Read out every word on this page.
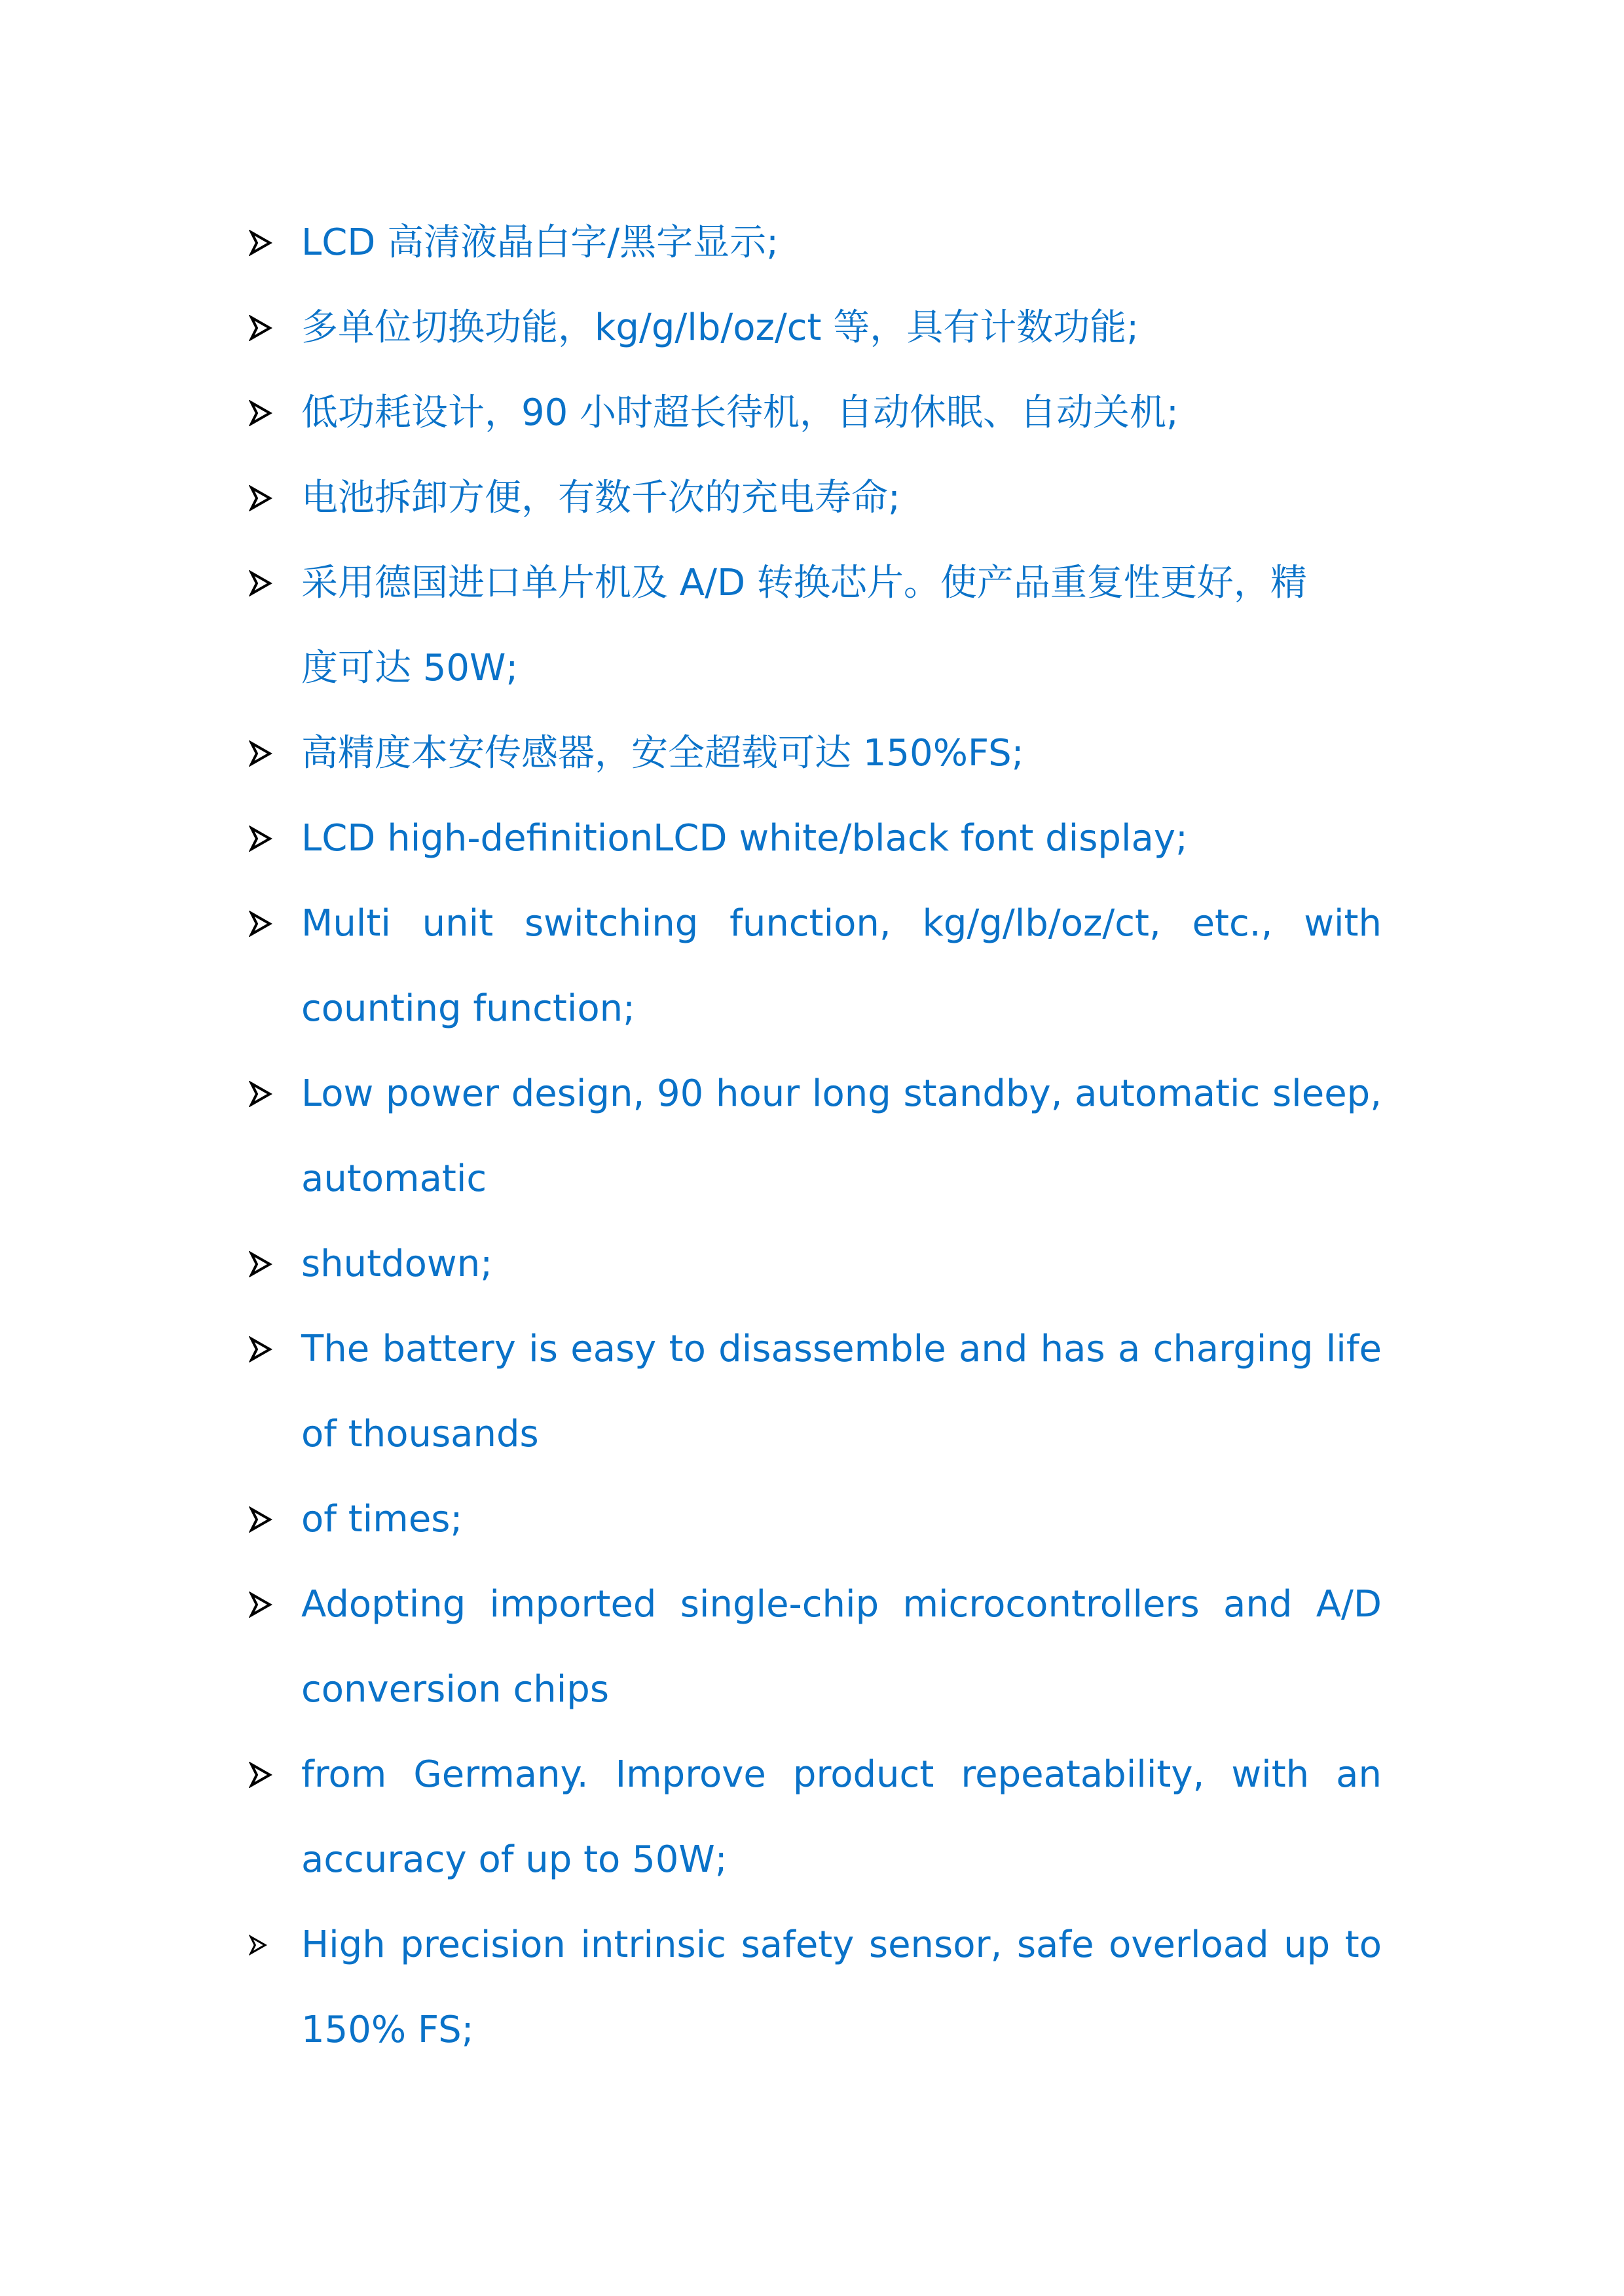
LCD 高清液晶白字/黑字显示;
多单位切换功能，kg/g/lb/oz/ct 等，具有计数功能;
低功耗设计，90 小时超长待机，自动休眠、自动关机;
电池拆卸方便，有数千次的充电寿命;
采用德国进口单片机及 A/D 转换芯片。使产品重复性更好，精
度可达 50W;
高精度本安传感器，安全超载可达 150%FS;
LCD high-definitionLCD white/black font display;
Multi unit switching function, kg/g/lb/oz/ct, etc., with
counting function;
Low power design, 90 hour long standby, automatic sleep,
automatic
shutdown;
The battery is easy to disassemble and has a charging life
of thousands
of times;
Adopting imported single-chip microcontrollers and A/D
conversion chips
from Germany. Improve product repeatability, with an
accuracy of up to 50W;
High precision intrinsic safety sensor, safe overload up to
150% FS;
